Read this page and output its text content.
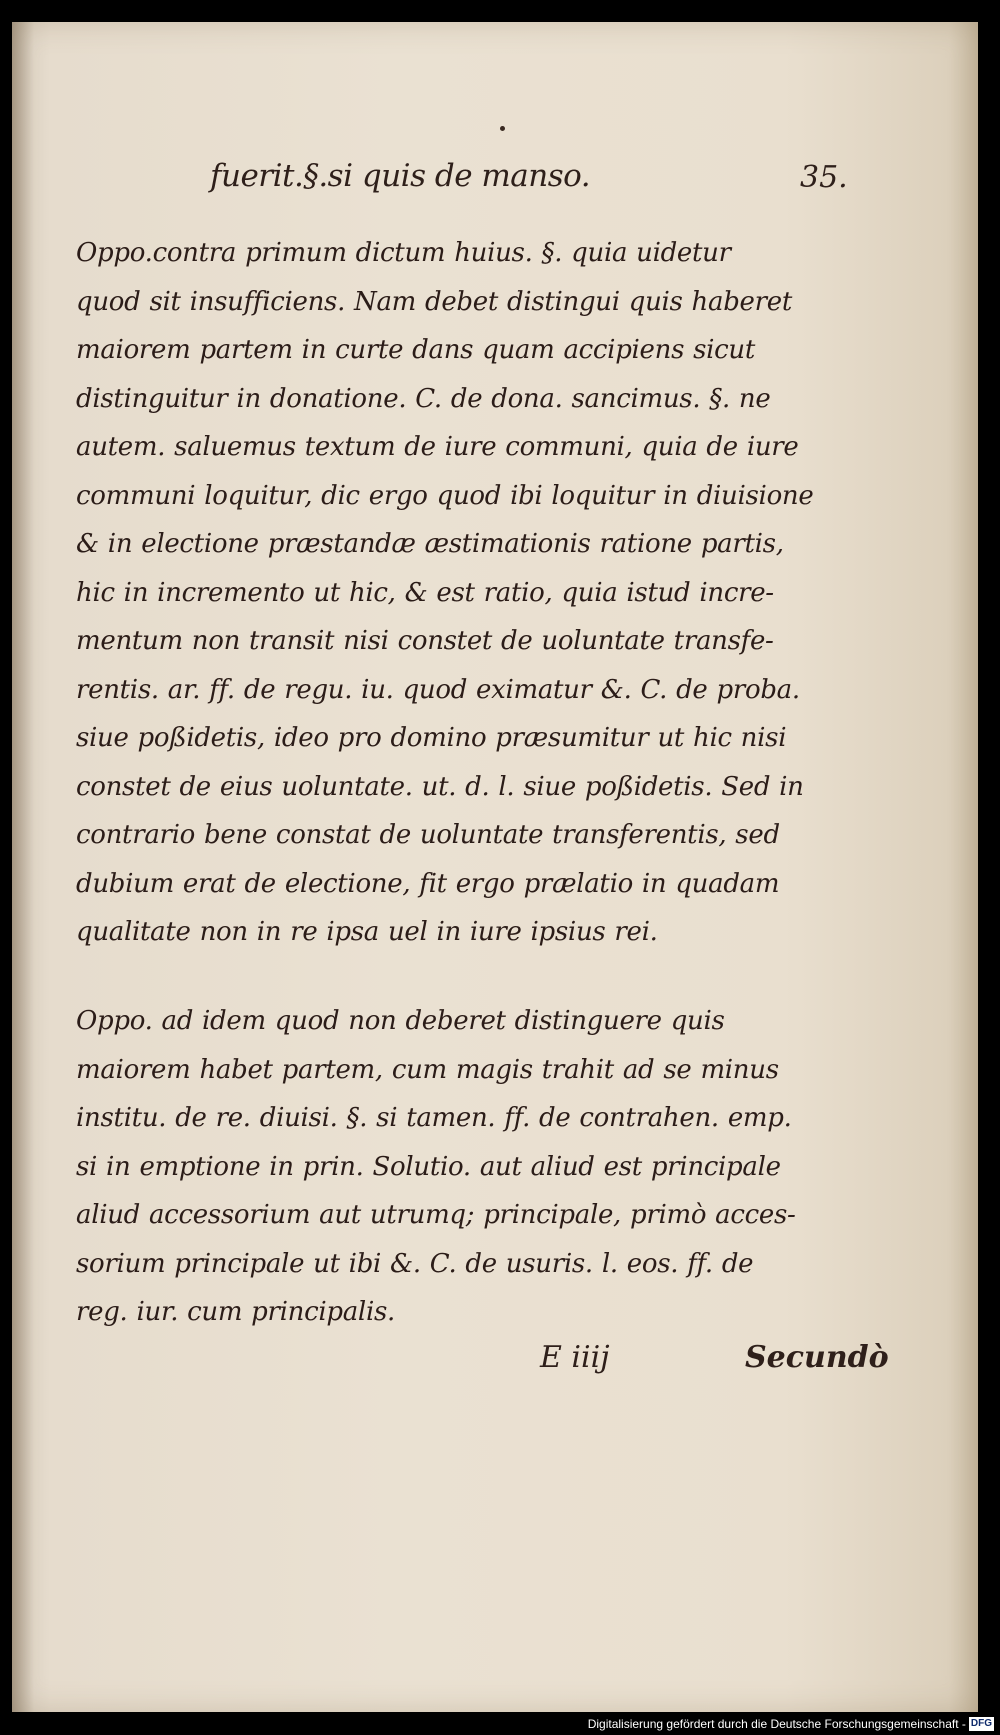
fuerit.§.si quis de manso.	35.
Oppo.contra primum dictum huius. §. quia uidetur
quod sit insufficiens. Nam debet distingui quis haberet
maiorem partem in curte dans quam accipiens sicut
distinguitur in donatione. C. de dona. sancimus. §. ne
autem. saluemus textum de iure communi, quia de iure
communi loquitur, dic ergo quod ibi loquitur in diuisione
& in electione præstandæ æstimationis ratione partis,
hic in incremento ut hic, & est ratio, quia istud incre-
mentum non transit nisi constet de uoluntate transfe-
rentis. ar. ff. de regu. iu. quod eximatur &. C. de proba.
siue poßidetis, ideo pro domino præsumitur ut hic nisi
constet de eius uoluntate. ut. d. l. siue poßidetis. Sed in
contrario bene constat de uoluntate transferentis, sed
dubium erat de electione, fit ergo prælatio in quadam
qualitate non in re ipsa uel in iure ipsius rei.
Oppo. ad idem quod non deberet distinguere quis
maiorem habet partem, cum magis trahit ad se minus
institu. de re. diuisi. §. si tamen. ff. de contrahen. emp.
si in emptione in prin. Solutio. aut aliud est principale
aliud accessorium aut utrumq; principale, primò acces-
sorium principale ut ibi &. C. de usuris. l. eos. ff. de
reg. iur. cum principalis.
E iiij	Secundò
Digitalisierung gefördert durch die Deutsche Forschungsgemeinschaft - DFG
